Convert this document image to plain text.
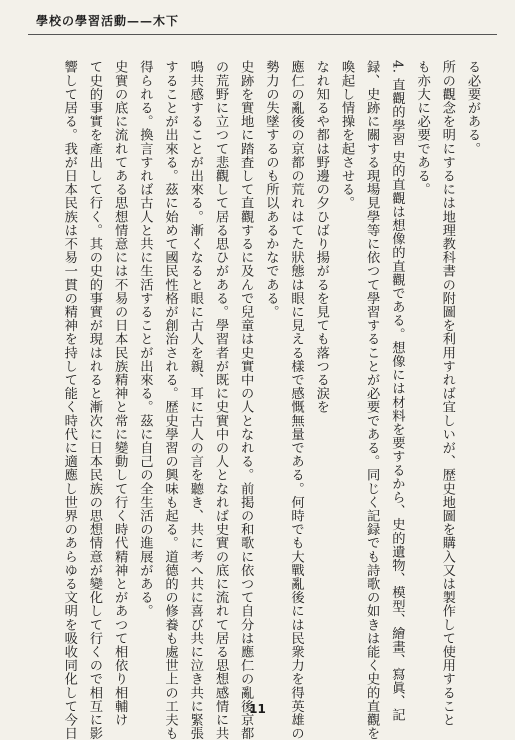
學校の學習活動——木下
る必要がある。
所の觀念を明にするには地理教科書の附圖を利用すれば宜しいが、歴史地圖を購入又は製作して使用すること
も亦大に必要である。
4. 直觀的學習 史的直觀は想像的直觀である。想像には材料を要するから、史的遺物、模型、繪畫、寫眞、記
録、史跡に關する現場見學等に依つて學習することが必要である。同じく記録でも詩歌の如きは能く史的直觀を
喚起し情操を起させる。
なれ知るや都は野邊の夕ひばり揚がるを見ても落つる涙を
應仁の亂後の京都の荒れはてた狀態は眼に見える樣で感慨無量である。何時でも大戰亂後には民衆力を得英雄の
勢力の失墜するのも所以あるかなである。
史跡を實地に踏査して直觀するに及んで兒童は史實中の人となれる。前掲の和歌に依つて自分は應仁の亂後京都
の荒野に立つて悲觀して居る思ひがある。學習者が既に史實中の人となれば史實の底に流れて居る思想感情に共
鳴共感することが出來る。漸くなると眼に古人を親、耳に古人の言を聽き、共に考へ共に喜び共に泣き共に緊張
することが出來る。茲に始めて國民性格が創治される。歴史學習の興味も起る。道德的の修養も處世上の工夫も
得られる。換言すれば古人と共に生活することが出來る。茲に自己の全生活の進展がある。
史實の底に流れてある思想情意には不易の日本民族精神と常に變動して行く時代精神とがあつて相依り相輔け
て史的事實を產出して行く。其の史的事實が現はれると漸次に日本民族の思想情意が變化して行くので相互に影
響して居る。我が日本民族は不易一貫の精神を持して能く時代に適應し世界のあらゆる文明を吸收同化して今日	11
